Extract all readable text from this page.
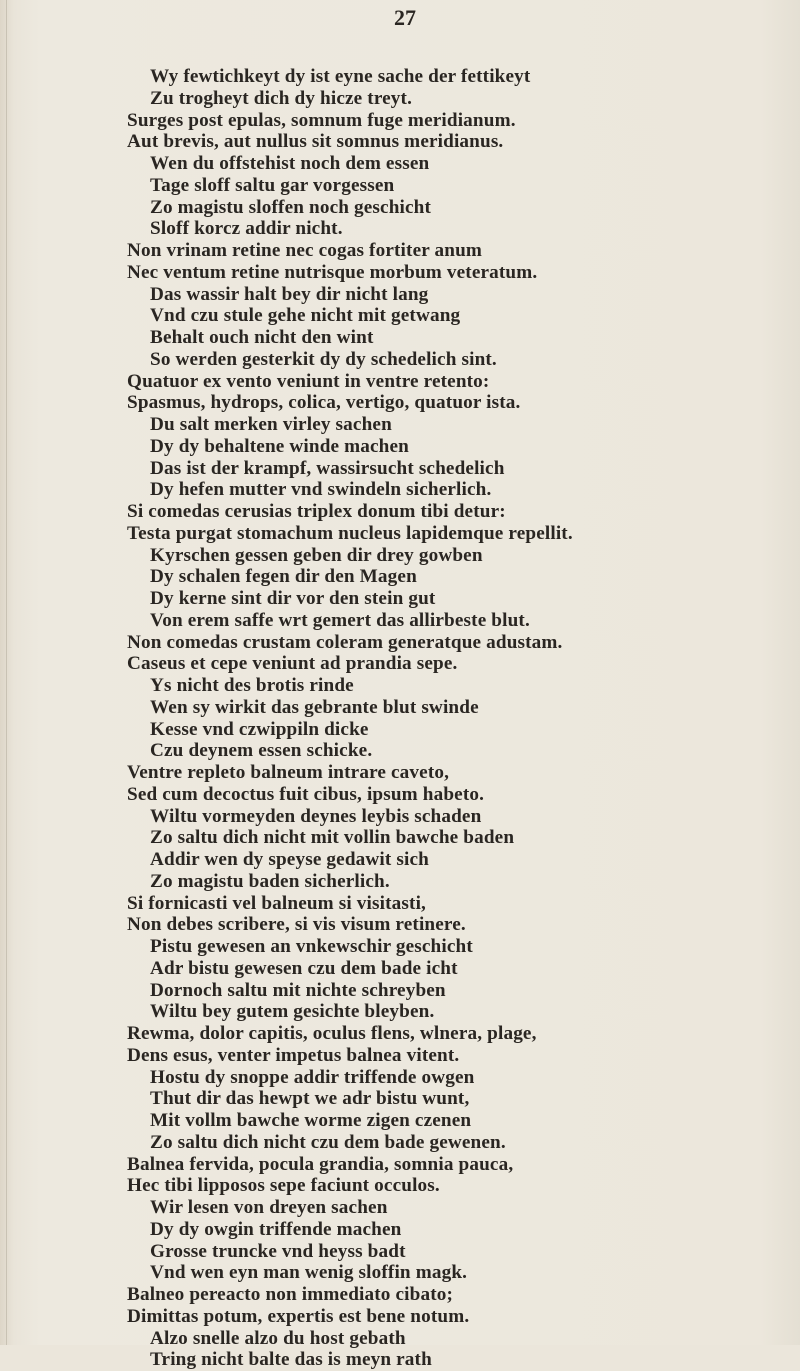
27
Wy fewtichkeyt dy ist eyne sache der fettikeyt
Zu trogheyt dich dy hicze treyt.
Surges post epulas, somnum fuge meridianum.
Aut brevis, aut nullus sit somnus meridianus.
Wen du offstehist noch dem essen
Tage sloff saltu gar vorgessen
Zo magistu sloffen noch geschicht
Sloff korcz addir nicht.
Non vrinam retine nec cogas fortiter anum
Nec ventum retine nutrisque morbum veteratum.
Das wassir halt bey dir nicht lang
Vnd czu stule gehe nicht mit getwang
Behalt ouch nicht den wint
So werden gesterkit dy dy schedelich sint.
Quatuor ex vento veniunt in ventre retento:
Spasmus, hydrops, colica, vertigo, quatuor ista.
Du salt merken virley sachen
Dy dy behaltene winde machen
Das ist der krampf, wassirsucht schedelich
Dy hefen mutter vnd swindeln sicherlich.
Si comedas cerusias triplex donum tibi detur:
Testa purgat stomachum nucleus lapidemque repellit.
Kyrschen gessen geben dir drey gowben
Dy schalen fegen dir den Magen
Dy kerne sint dir vor den stein gut
Von erem saffe wrt gemert das allirbeste blut.
Non comedas crustam coleram generatque adustam.
Caseus et cepe veniunt ad prandia sepe.
Ys nicht des brotis rinde
Wen sy wirkit das gebrante blut swinde
Kesse vnd czwippiln dicke
Czu deynem essen schicke.
Ventre repleto balneum intrare caveto,
Sed cum decoctus fuit cibus, ipsum habeto.
Wiltu vormeyden deynes leybis schaden
Zo saltu dich nicht mit vollin bawche baden
Addir wen dy speyse gedawit sich
Zo magistu baden sicherlich.
Si fornicasti vel balneum si visitasti,
Non debes scribere, si vis visum retinere.
Pistu gewesen an vnkewschir geschicht
Adr bistu gewesen czu dem bade icht
Dornoch saltu mit nichte schreyben
Wiltu bey gutem gesichte bleyben.
Rewma, dolor capitis, oculus flens, wlnera, plage,
Dens esus, venter impetus balnea vitent.
Hostu dy snoppe addir triffende owgen
Thut dir das hewpt we adr bistu wunt,
Mit vollm bawche worme zigen czenen
Zo saltu dich nicht czu dem bade gewenen.
Balnea fervida, pocula grandia, somnia pauca,
Hec tibi lipposos sepe faciunt occulos.
Wir lesen von dreyen sachen
Dy dy owgin triffende machen
Grosse truncke vnd heyss badt
Vnd wen eyn man wenig sloffin magk.
Balneo pereacto non immediato cibato;
Dimittas potum, expertis est bene notum.
Alzo snelle alzo du host gebath
Tring nicht balte das is meyn rath
